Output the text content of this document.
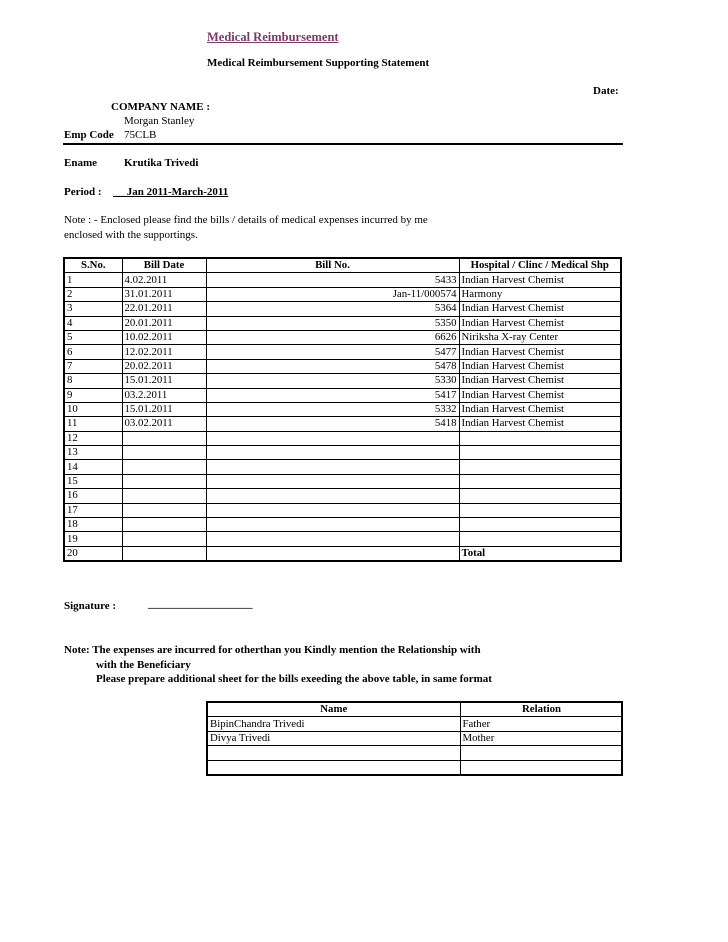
Medical Reimbursement
Medical Reimbursement Supporting Statement
Date:
COMPANY NAME :
Morgan Stanley
Emp Code 75CLB
Ename Krutika Trivedi
Period : __ Jan 2011-March-2011
Note : - Enclosed please find the bills / details of medical expenses incurred by me
enclosed with the supportings.
S.No.	Bill Date	Bill No.	Hospital / Clinc / Medical Shp
1	4.02.2011	5433	Indian Harvest Chemist
2	31.01.2011	Jan-11/000574	Harmony
3	22.01.2011	5364	Indian Harvest Chemist
4	20.01.2011	5350	Indian Harvest Chemist
5	10.02.2011	6626	Niriksha X-ray Center
6	12.02.2011	5477	Indian Harvest Chemist
7	20.02.2011	5478	Indian Harvest Chemist
8	15.01.2011	5330	Indian Harvest Chemist
9	03.2.2011	5417	Indian Harvest Chemist
10	15.01.2011	5332	Indian Harvest Chemist
11	03.02.2011	5418	Indian Harvest Chemist
12			
13			
14			
15			
16			
17			
18			
19			
20			Total
Signature :	___________________
Note: The expenses are incurred for otherthan you Kindly mention the Relationship with
with the Beneficiary
Please prepare additional sheet for the bills exeeding the above table, in same format
Name	Relation
BipinChandra Trivedi	Father
Divya Trivedi	Mother
